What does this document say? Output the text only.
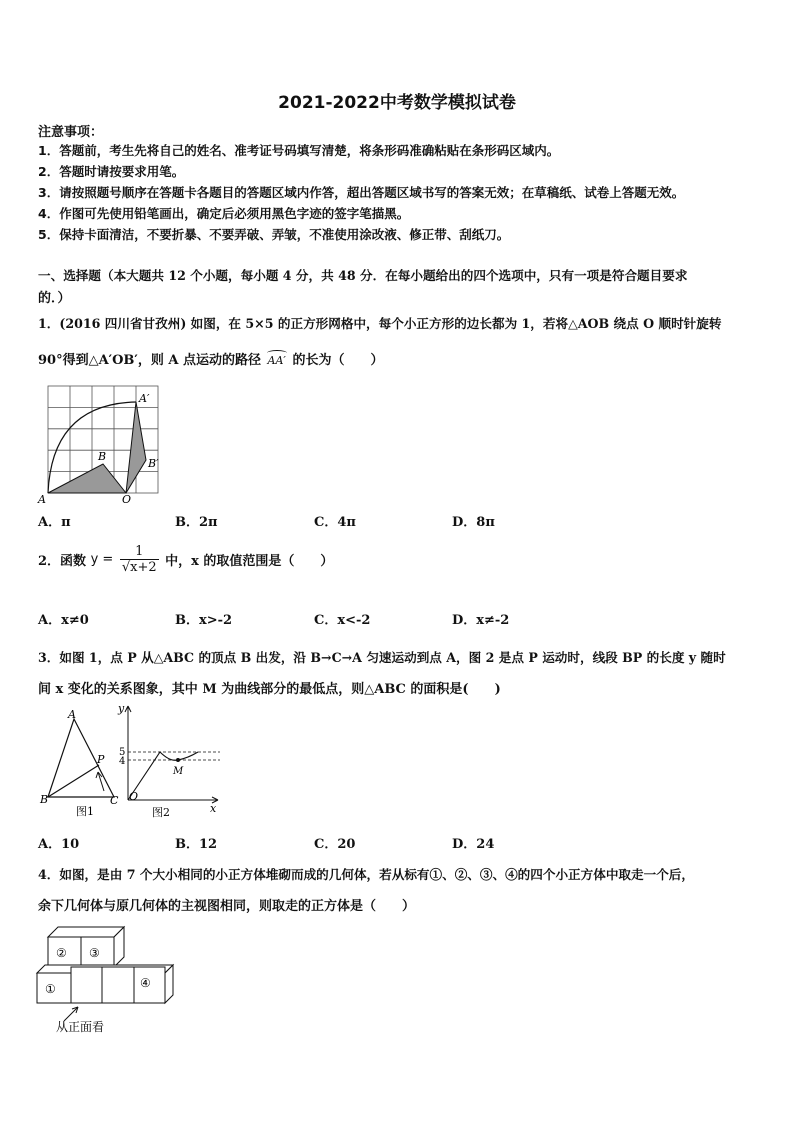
2021-2022中考数学模拟试卷
注意事项：
1．答题前，考生先将自己的姓名、准考证号码填写清楚，将条形码准确粘贴在条形码区域内。
2．答题时请按要求用笔。
3．请按照题号顺序在答题卡各题目的答题区域内作答，超出答题区域书写的答案无效；在草稿纸、试卷上答题无效。
4．作图可先使用铅笔画出，确定后必须用黑色字迹的签字笔描黑。
5．保持卡面清洁，不要折暴、不要弄破、弄皱，不准使用涂改液、修正带、刮纸刀。
一、选择题（本大题共 12 个小题，每小题 4 分，共 48 分．在每小题给出的四个选项中，只有一项是符合题目要求
的．）
1．(2016 四川省甘孜州) 如图，在 5×5 的正方形网格中，每个小正方形的边长都为 1，若将△AOB 绕点 O 顺时针旋转
90°得到△A′OB′，则 A 点运动的路径 AA′ 的长为（　　）
A	O
B
A′
B′
A．π	B．2π	C．4π	D．8π
2．函数 $y = \frac{1}{√x+2}$ 中，x 的取值范围是（　　）
A．x≠0	B．x>-2	C．x<-2	D．x≠-2
3．如图 1，点 P 从△ABC 的顶点 B 出发，沿 B→C→A 匀速运动到点 A，图 2 是点 P 运动时，线段 BP 的长度 y 随时
间 x 变化的关系图象，其中 M 为曲线部分的最低点，则△ABC 的面积是(　　)
A
B	C
P
图1
y
5
4
O
M
x
图2
A．10	B．12	C．20	D．24
4．如图，是由 7 个大小相同的小正方体堆砌而成的几何体，若从标有①、②、③、④的四个小正方体中取走一个后，
余下几何体与原几何体的主视图相同，则取走的正方体是（　　）
①
② ③
④
从正面看
